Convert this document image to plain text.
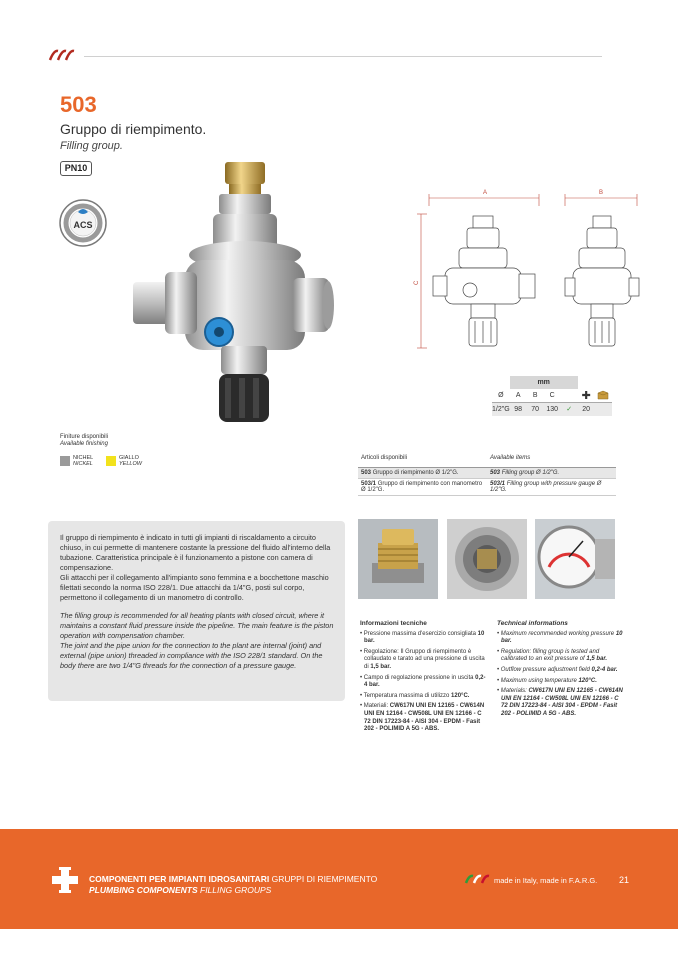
503
Gruppo di riempimento.
Filling group.
PN10
ACS
A	B
C
	mm					
Ø	A	B	C		✚	
1/2"G	98	70	130	✓	20	
Finiture disponibili
Available finishing
NICHEL
NICKEL
GIALLO
YELLOW
Articoli disponibili	Available items
503 Gruppo di riempimento Ø 1/2"G.	503 Filling group Ø 1/2"G.
503/1 Gruppo di riempimento con manometro Ø 1/2"G.	503/1 Filling group with pressure gauge Ø 1/2"G.

Il gruppo di riempimento è indicato in tutti gli impianti di riscaldamento a circuito chiuso, in cui permette di mantenere costante la pressione del fluido all'interno della tubazione. Caratteristica principale è il funzionamento a pistone con camera di compensazione.
Gli attacchi per il collegamento all'impianto sono femmina e a bocchettone maschio filettati secondo la norma ISO 228/1. Due attacchi da 1/4"G, posti sul corpo, permettono il collegamento di un manometro di controllo.

The filling group is recommended for all heating plants with closed circuit, where it maintains a constant fluid pressure inside the pipeline. The main feature is the piston operation with compensation chamber.
The joint and the pipe union for the connection to the plant are internal (joint) and external (pipe union) threaded in compliance with the ISO 228/1 standard. On the body there are two 1/4"G threads for the connection of a pressure gauge.

Informazioni tecniche
• Pressione massima d'esercizio consigliata 10 bar.
• Regolazione: Il Gruppo di riempimento è collaudato e tarato ad una pressione di uscita di 1,5 bar.
• Campo di regolazione pressione in uscita 0,2-4 bar.
• Temperatura massima di utilizzo 120°C.
• Materiali: CW617N UNI EN 12165 - CW614N UNI EN 12164 - CW508L UNI EN 12166 - C 72 DIN 17223-84 - AISI 304 - EPDM - Fasit 202 - POLIMID A 5G - ABS.
Technical informations
• Maximum recommended working pressure 10 bar.
• Regulation: filling group is tested and calibrated to an exit pressure of 1,5 bar.
• Outflow pressure adjustment field 0,2-4 bar.
• Maximum using temperature 120°C.
• Materials: CW617N UNI EN 12165 - CW614N UNI EN 12164 - CW508L UNI EN 12166 - C 72 DIN 17223-84 - AISI 304 - EPDM - Fasit 202 - POLIMID A 5G - ABS.
COMPONENTI PER IMPIANTI IDROSANITARI GRUPPI DI RIEMPIMENTO
PLUMBING COMPONENTS FILLING GROUPS
made in Italy, made in F.A.R.G. 21
